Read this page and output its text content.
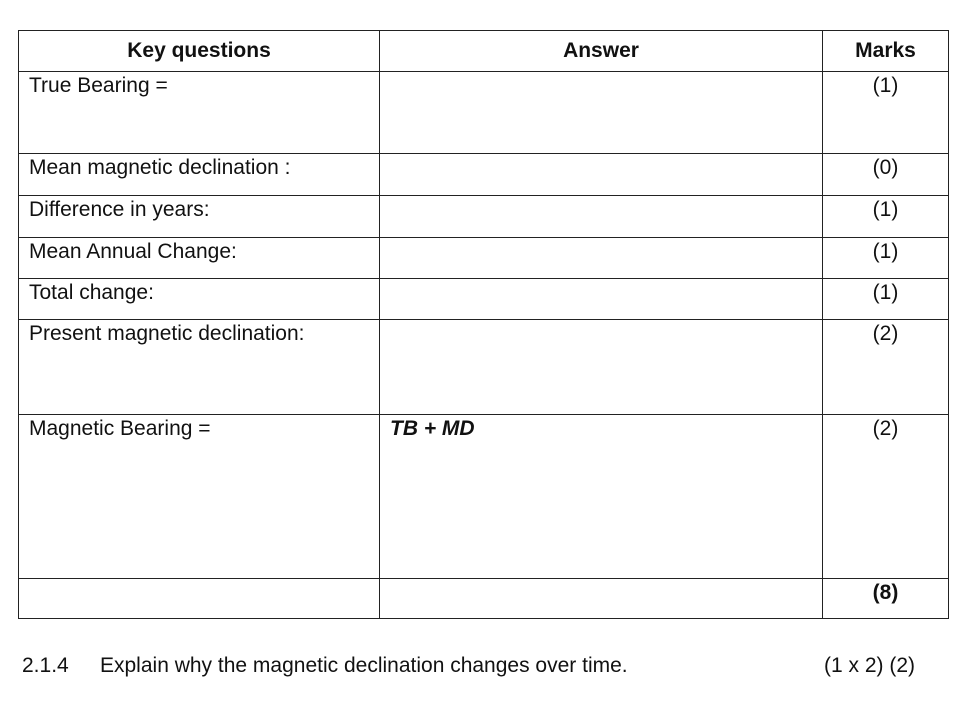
Key questions	Answer	Marks
True Bearing =		(1)
Mean magnetic declination :		(0)
Difference in years:		(1)
Mean Annual Change:		(1)
Total change:		(1)
Present magnetic declination:		(2)
Magnetic Bearing =	TB + MD	(2)
		(8)
2.1.4 Explain why the magnetic declination changes over time.	(1 x 2) (2)
